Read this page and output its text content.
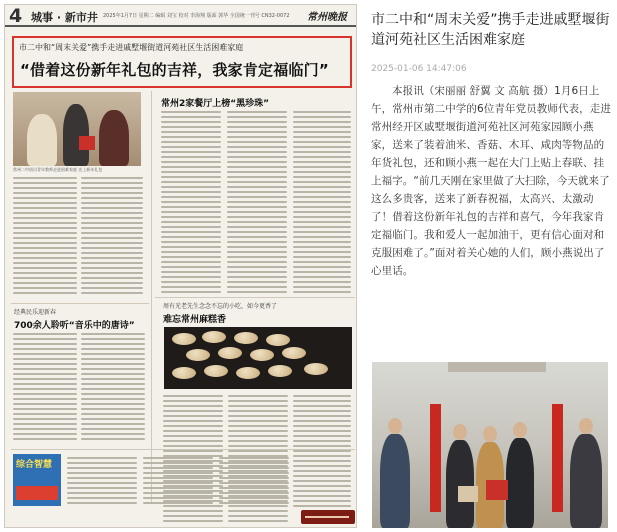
4 城事 · 新市井 2025年1月7日 星期二 编辑 刘宝 校对 李海翔 版面 郭华 全国统一刊号 CN32-0072 常州晚报
市二中和“周末关爱”携手走进戚墅堰街道河苑社区生活困难家庭
“借着这份新年礼包的吉祥，我家肯定福临门”
常州二中团员青年教师走进困难家庭 送上新年礼包
常州2家餐厅上榜“黑珍珠”
周有光老先生念念不忘的小吃，如今更香了
难忘常州麻糕香
经典民乐迎新春
700余人聆听“音乐中的唐诗”
综合智慧
市二中和“周末关爱”携手走进戚墅堰街道河苑社区生活困难家庭
2025-01-06 14:47:06
本报讯（宋丽丽 舒翼 文 高航 摄）1月6日上午，常州市第二中学的6位青年党员教师代表，走进常州经开区戚墅堰街道河苑社区河苑家园顾小燕家，送来了装着油米、香菇、木耳、咸肉等物品的年货礼包，还和顾小燕一起在大门上贴上春联、挂上福字。“前几天刚在家里做了大扫除，今天就来了这么多贵客，送来了新春祝福，太高兴、太激动了！借着这份新年礼包的吉祥和喜气，今年我家肯定福临门。我和爱人一起加油干，更有信心面对和克服困难了。”面对着关心她的人们，顾小燕说出了心里话。
